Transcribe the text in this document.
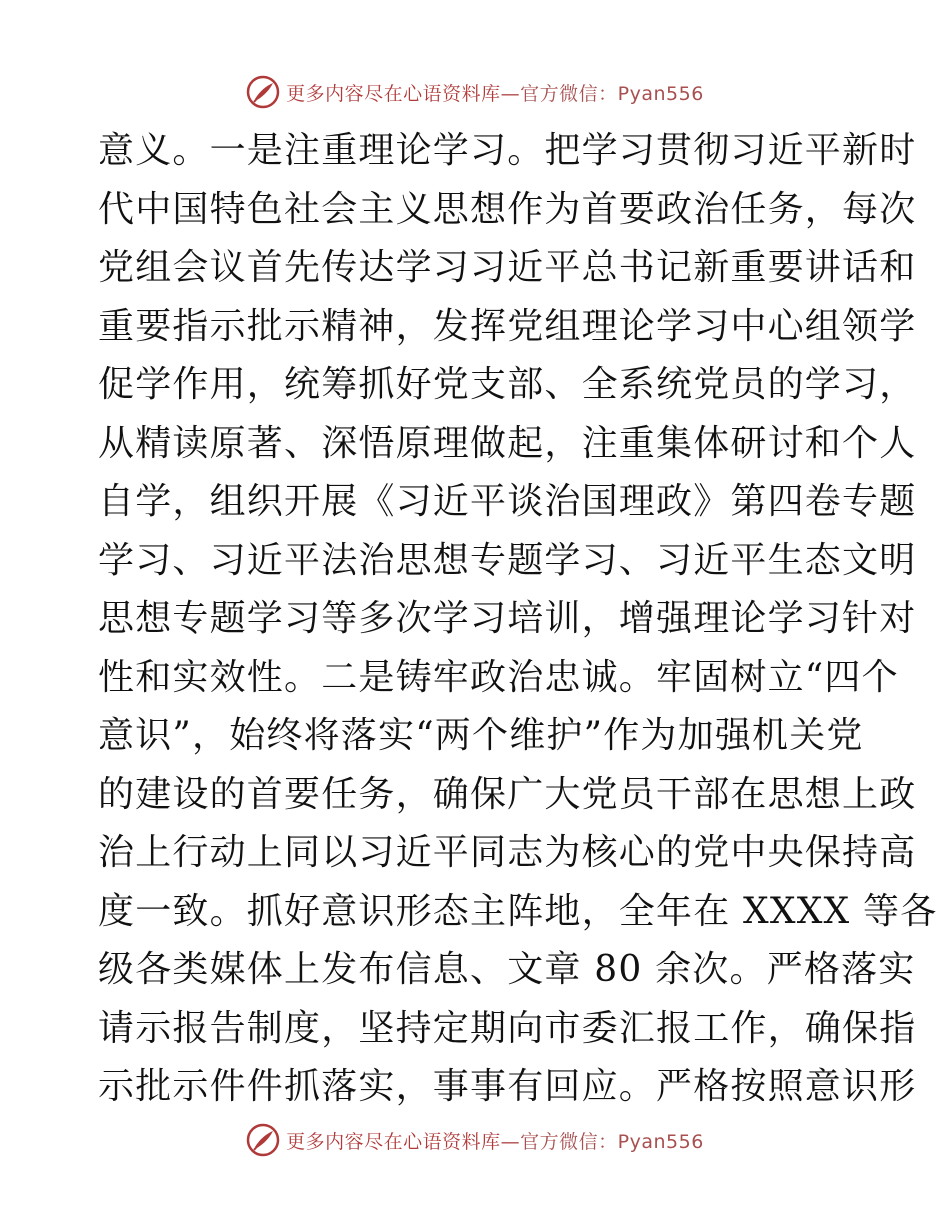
更多内容尽在心语资料库—官方微信：Pyan556
意义。一是注重理论学习。把学习贯彻习近平新时
代中国特色社会主义思想作为首要政治任务，每次
党组会议首先传达学习习近平总书记新重要讲话和
重要指示批示精神，发挥党组理论学习中心组领学
促学作用，统筹抓好党支部、全系统党员的学习，
从精读原著、深悟原理做起，注重集体研讨和个人
自学，组织开展《习近平谈治国理政》第四卷专题
学习、习近平法治思想专题学习、习近平生态文明
思想专题学习等多次学习培训，增强理论学习针对
性和实效性。二是铸牢政治忠诚。牢固树立“四个
意识”，始终将落实“两个维护”作为加强机关党
的建设的首要任务，确保广大党员干部在思想上政
治上行动上同以习近平同志为核心的党中央保持高
度一致。抓好意识形态主阵地，全年在 XXXX 等各
级各类媒体上发布信息、文章 80 余次。严格落实
请示报告制度，坚持定期向市委汇报工作，确保指
示批示件件抓落实，事事有回应。严格按照意识形
更多内容尽在心语资料库—官方微信：Pyan556
